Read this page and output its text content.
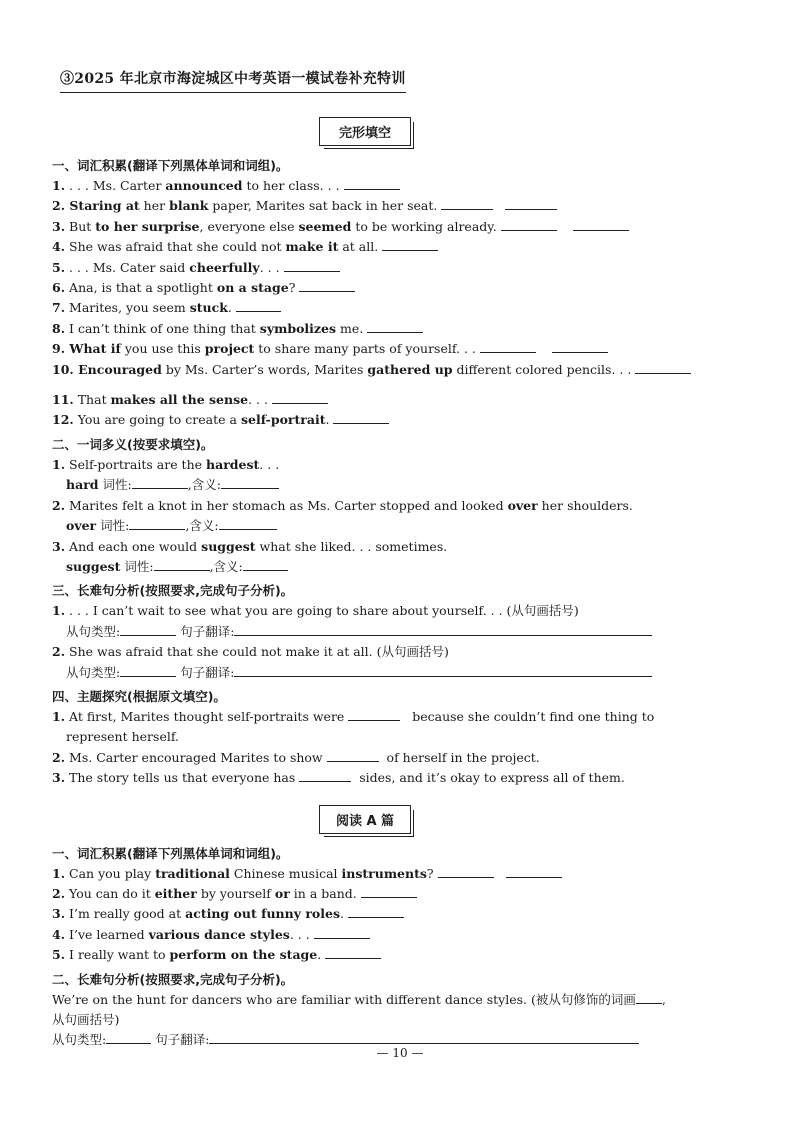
③2025 年北京市海淀城区中考英语一模试卷补充特训
完形填空
一、词汇积累(翻译下列黑体单词和词组)。
1. . . . Ms. Carter announced to her class. . .
2. Staring at her blank paper, Marites sat back in her seat.
3. But to her surprise, everyone else seemed to be working already.
4. She was afraid that she could not make it at all.
5. . . . Ms. Cater said cheerfully. . .
6. Ana, is that a spotlight on a stage?
7. Marites, you seem stuck.
8. I can’t think of one thing that symbolizes me.
9. What if you use this project to share many parts of yourself. . .
10. Encouraged by Ms. Carter’s words, Marites gathered up different colored pencils. . .
11. That makes all the sense. . .
12. You are going to create a self-portrait.
二、一词多义(按要求填空)。
1. Self-portraits are the hardest. . .
hard 词性:	,含义:
2. Marites felt a knot in her stomach as Ms. Carter stopped and looked over her shoulders.
over 词性:	,含义:
3. And each one would suggest what she liked. . . sometimes.
suggest 词性:	,含义:
三、长难句分析(按照要求,完成句子分析)。
1. . . . I can’t wait to see what you are going to share about yourself. . . (从句画括号)
从句类型:	句子翻译:
2. She was afraid that she could not make it at all. (从句画括号)
从句类型:	句子翻译:
四、主题探究(根据原文填空)。
1. At first, Marites thought self-portraits were	because she couldn’t find one thing to
represent herself.
2. Ms. Carter encouraged Marites to show	of herself in the project.
3. The story tells us that everyone has	sides, and it’s okay to express all of them.
阅读 A 篇
一、词汇积累(翻译下列黑体单词和词组)。
1. Can you play traditional Chinese musical instruments?
2. You can do it either by yourself or in a band.
3. I’m really good at acting out funny roles.
4. I’ve learned various dance styles. . .
5. I really want to perform on the stage.
二、长难句分析(按照要求,完成句子分析)。
We’re on the hunt for dancers who are familiar with different dance styles. (被从句修饰的词画 ,
从句画括号)
从句类型:	句子翻译:
— 10 —
